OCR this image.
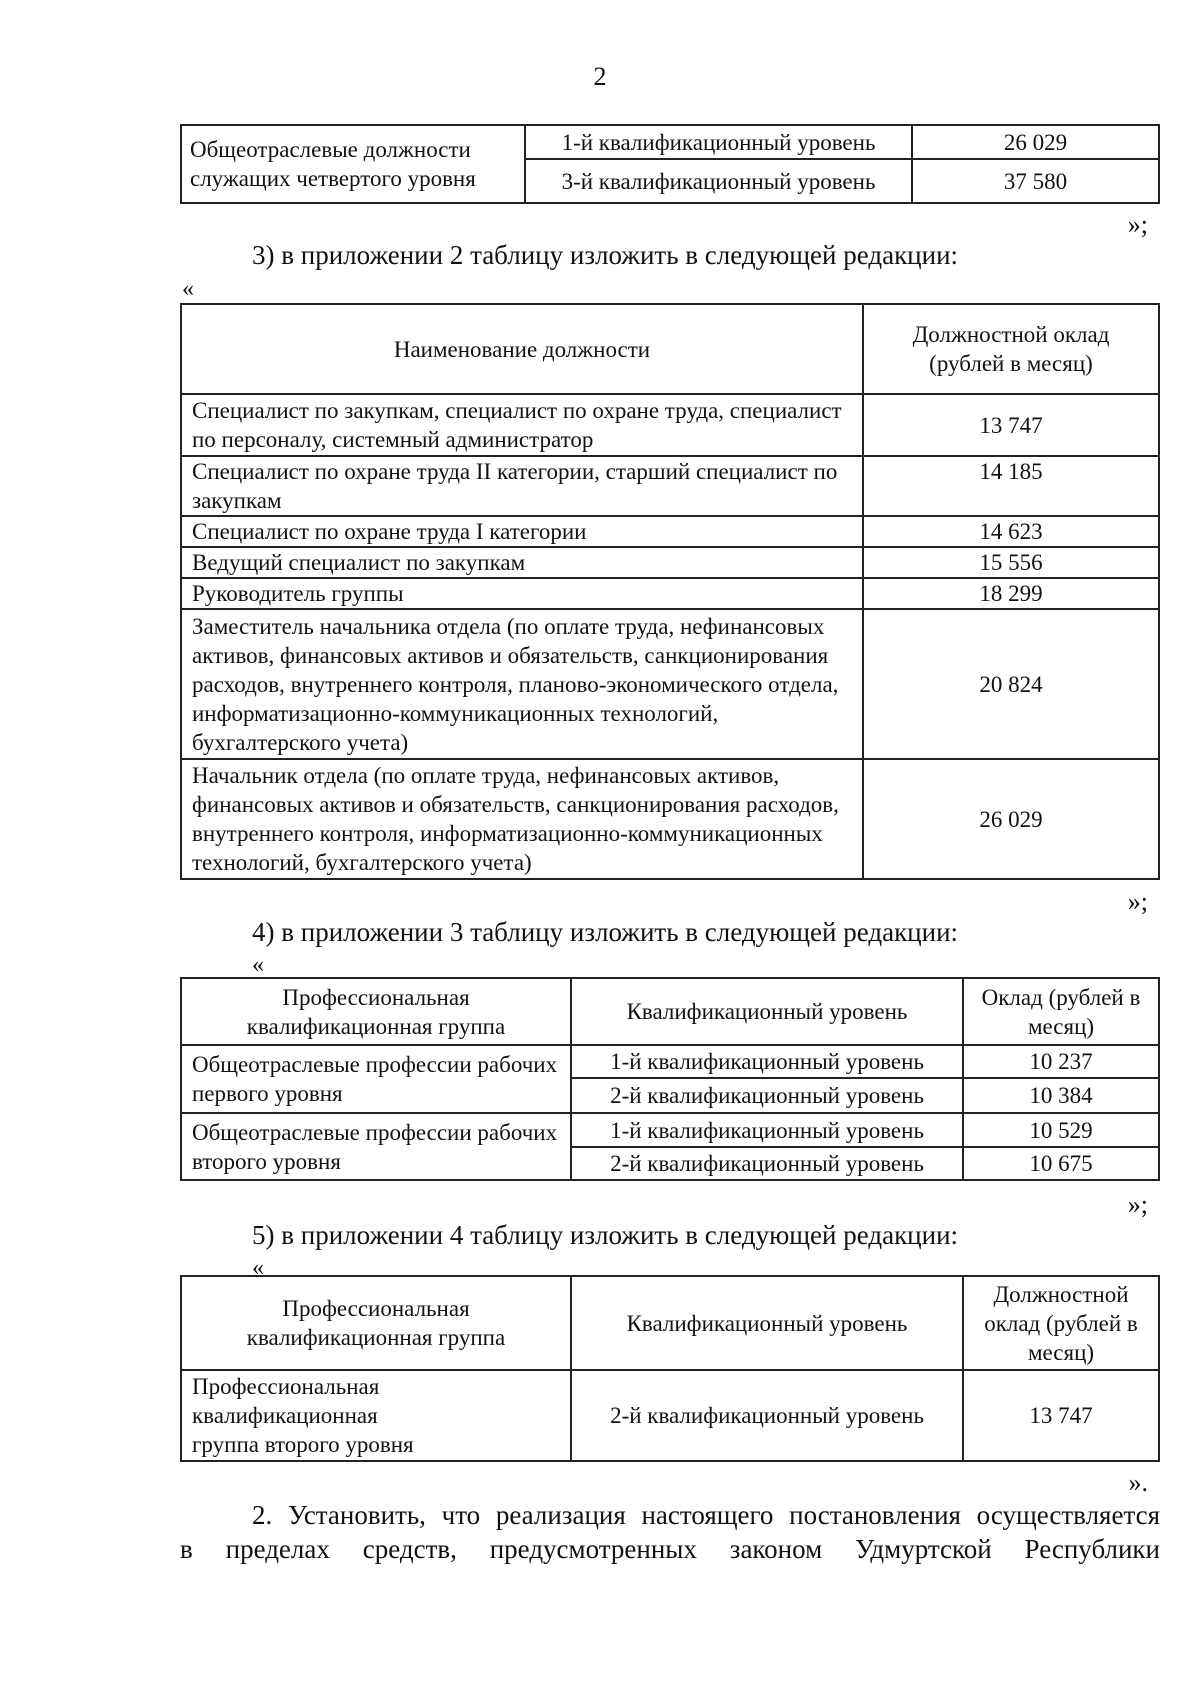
2
Общеотраслевые должности служащих четвертого уровня	1-й квалификационный уровень	26 029
	3-й квалификационный уровень	37 580
»;
3) в приложении 2 таблицу изложить в следующей редакции:
«
Наименование должности	Должностной оклад (рублей в месяц)
Специалист по закупкам, специалист по охране труда, специалист по персоналу, системный администратор	13 747
Специалист по охране труда II категории, старший специалист по закупкам	14 185
Специалист по охране труда I категории	14 623
Ведущий специалист по закупкам	15 556
Руководитель группы	18 299
Заместитель начальника отдела (по оплате труда, нефинансовых активов, финансовых активов и обязательств, санкционирования расходов, внутреннего контроля, планово-экономического отдела, информатизационно-коммуникационных технологий, бухгалтерского учета)	20 824
Начальник отдела (по оплате труда, нефинансовых активов, финансовых активов и обязательств, санкционирования расходов, внутреннего контроля, информатизационно-коммуникационных технологий, бухгалтерского учета)	26 029
»;
4) в приложении 3 таблицу изложить в следующей редакции:
«
Профессиональная квалификационная группа	Квалификационный уровень	Оклад (рублей в месяц)
Общеотраслевые профессии рабочих первого уровня	1-й квалификационный уровень	10 237
	2-й квалификационный уровень	10 384
Общеотраслевые профессии рабочих второго уровня	1-й квалификационный уровень	10 529
	2-й квалификационный уровень	10 675
»;
5) в приложении 4 таблицу изложить в следующей редакции:
«
Профессиональная квалификационная группа	Квалификационный уровень	Должностной оклад (рублей в месяц)
Профессиональная квалификационная группа второго уровня	2-й квалификационный уровень	13 747
».
2. Установить, что реализация настоящего постановления осуществляется
в пределах средств, предусмотренных законом Удмуртской Республики
